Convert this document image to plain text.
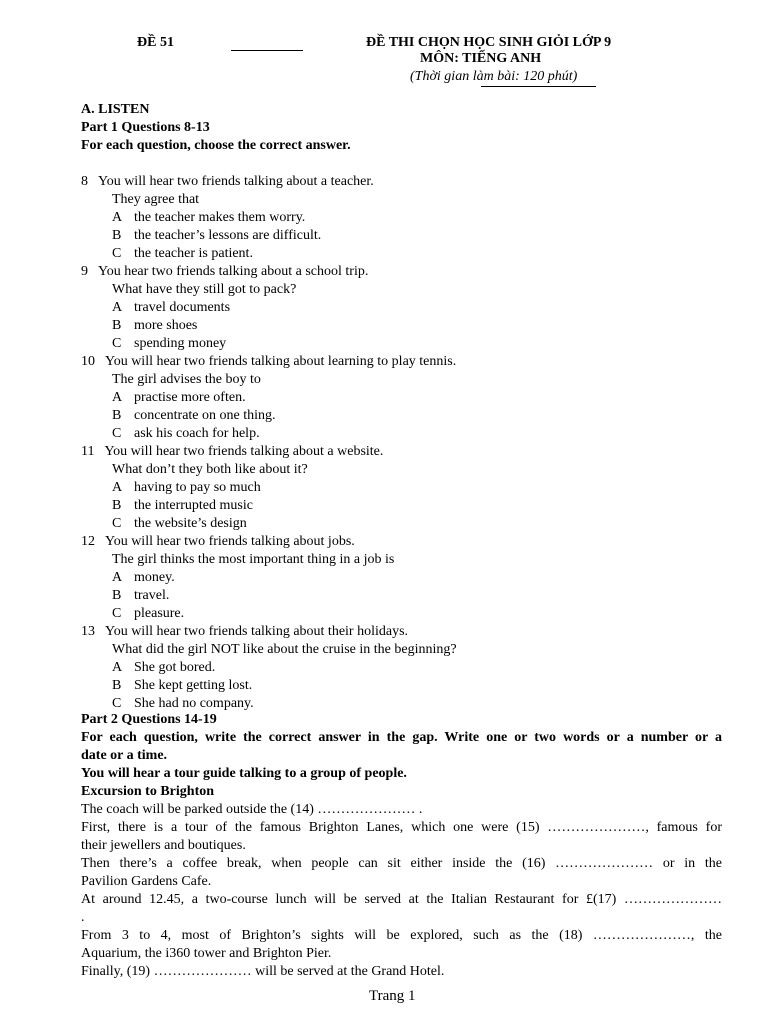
ĐỀ 51	ĐỀ THI CHỌN HỌC SINH GIỎI LỚP 9
MÔN: TIẾNG ANH
(Thời gian làm bài: 120 phút)
A. LISTEN
Part 1 Questions 8-13
For each question, choose the correct answer.
8 You will hear two friends talking about a teacher.
They agree that
A the teacher makes them worry.
B the teacher’s lessons are difficult.
C the teacher is patient.
9 You hear two friends talking about a school trip.
What have they still got to pack?
A travel documents
B more shoes
C spending money
10 You will hear two friends talking about learning to play tennis.
The girl advises the boy to
A practise more often.
B concentrate on one thing.
C ask his coach for help.
11 You will hear two friends talking about a website.
What don’t they both like about it?
A having to pay so much
B the interrupted music
C the website’s design
12 You will hear two friends talking about jobs.
The girl thinks the most important thing in a job is
A money.
B travel.
C pleasure.
13 You will hear two friends talking about their holidays.
What did the girl NOT like about the cruise in the beginning?
A She got bored.
B She kept getting lost.
C She had no company.
Part 2 Questions 14-19
For each question, write the correct answer in the gap. Write one or two words or a number or a
date or a time.
You will hear a tour guide talking to a group of people.
Excursion to Brighton
The coach will be parked outside the (14) ………………… .
First, there is a tour of the famous Brighton Lanes, which one were (15) …………………, famous for
their jewellers and boutiques.
Then there’s a coffee break, when people can sit either inside the (16) ………………… or in the
Pavilion Gardens Cafe.
At around 12.45, a two-course lunch will be served at the Italian Restaurant for £(17) …………………
.
From 3 to 4, most of Brighton’s sights will be explored, such as the (18) …………………, the
Aquarium, the i360 tower and Brighton Pier.
Finally, (19) ………………… will be served at the Grand Hotel.
Trang 1
